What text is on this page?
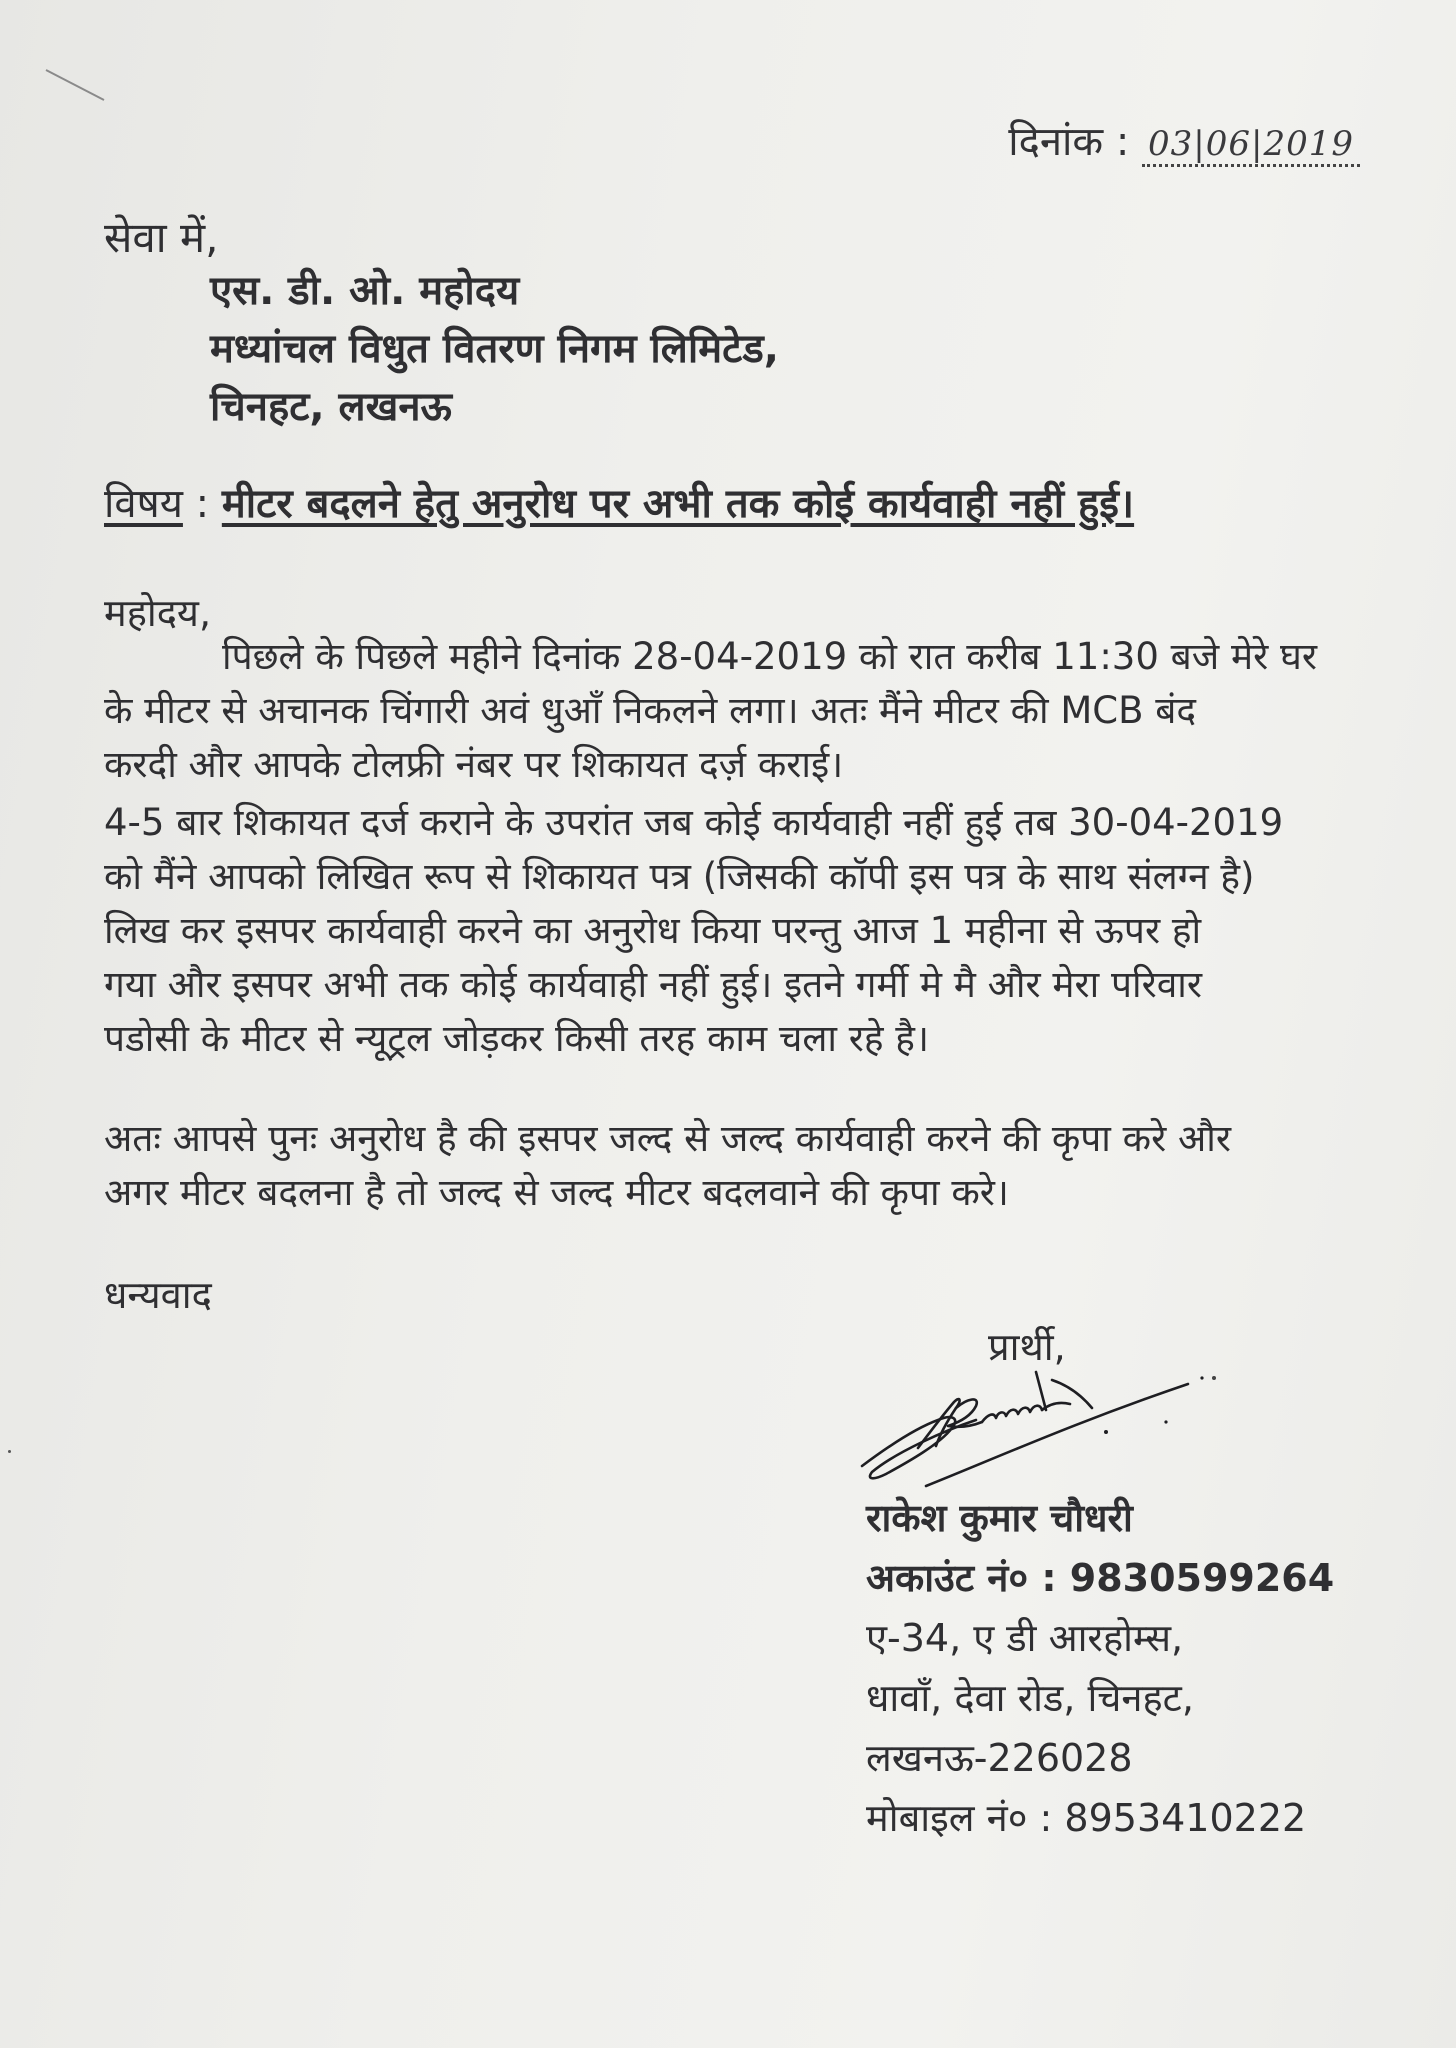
दिनांक : 03|06|2019
सेवा में,
एस. डी. ओ. महोदय
मध्यांचल विधुत वितरण निगम लिमिटेड,
चिनहट, लखनऊ
विषय : मीटर बदलने हेतु अनुरोध पर अभी तक कोई कार्यवाही नहीं हुई।
महोदय,
पिछले के पिछले महीने दिनांक 28-04-2019 को रात करीब 11:30 बजे मेरे घर
के मीटर से अचानक चिंगारी अवं धुआँ निकलने लगा। अतः मैंने मीटर की MCB बंद
करदी और आपके टोलफ्री नंबर पर शिकायत दर्ज़ कराई।
4-5 बार शिकायत दर्ज कराने के उपरांत जब कोई कार्यवाही नहीं हुई तब 30-04-2019
को मैंने आपको लिखित रूप से शिकायत पत्र (जिसकी कॉपी इस पत्र के साथ संलग्न है)
लिख कर इसपर कार्यवाही करने का अनुरोध किया परन्तु आज 1 महीना से ऊपर हो
गया और इसपर अभी तक कोई कार्यवाही नहीं हुई। इतने गर्मी मे मै और मेरा परिवार
पडोसी के मीटर से न्यूट्रल जोड़कर किसी तरह काम चला रहे है।
अतः आपसे पुनः अनुरोध है की इसपर जल्द से जल्द कार्यवाही करने की कृपा करे और
अगर मीटर बदलना है तो जल्द से जल्द मीटर बदलवाने की कृपा करे।
धन्यवाद
प्रार्थी,
राकेश कुमार चौधरी
अकाउंट नं० : 9830599264
ए-34, ए डी आरहोम्स,
धावाँ, देवा रोड, चिनहट,
लखनऊ-226028
मोबाइल नं० : 8953410222
